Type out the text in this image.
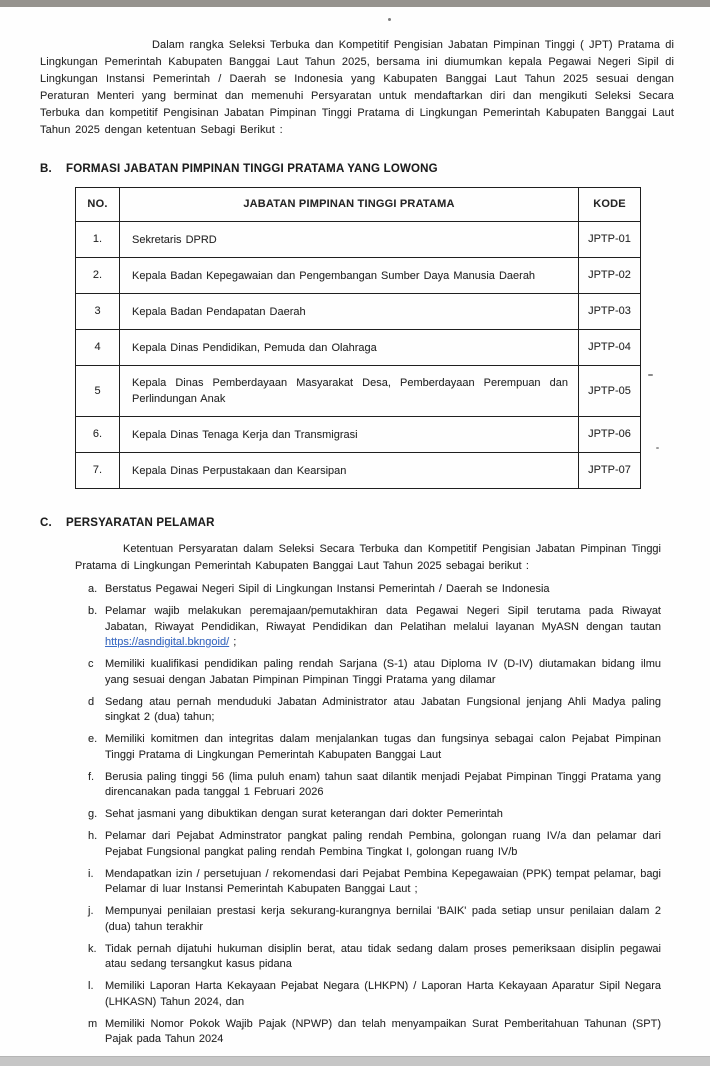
Dalam rangka Seleksi Terbuka dan Kompetitif Pengisian Jabatan Pimpinan Tinggi ( JPT) Pratama di Lingkungan Pemerintah Kabupaten Banggai Laut Tahun 2025, bersama ini diumumkan kepala Pegawai Negeri Sipil di Lingkungan Instansi Pemerintah / Daerah se Indonesia yang Kabupaten Banggai Laut Tahun 2025 sesuai dengan Peraturan Menteri yang berminat dan memenuhi Persyaratan untuk mendaftarkan diri dan mengikuti Seleksi Secara Terbuka dan kompetitif Pengisinan Jabatan Pimpinan Tinggi Pratama di Lingkungan Pemerintah Kabupaten Banggai Laut Tahun 2025 dengan ketentuan Sebagi Berikut :

B.	FORMASI JABATAN PIMPINAN TINGGI PRATAMA YANG LOWONG
NO.	JABATAN PIMPINAN TINGGI PRATAMA	KODE
1.	Sekretaris DPRD	JPTP-01
2.	Kepala Badan Kepegawaian dan Pengembangan Sumber Daya Manusia Daerah	JPTP-02
3	Kepala Badan Pendapatan Daerah	JPTP-03
4	Kepala Dinas Pendidikan, Pemuda dan Olahraga	JPTP-04
5	Kepala Dinas Pemberdayaan Masyarakat Desa, Pemberdayaan Perempuan dan Perlindungan Anak	JPTP-05
6.	Kepala Dinas Tenaga Kerja dan Transmigrasi	JPTP-06
7.	Kepala Dinas Perpustakaan dan Kearsipan	JPTP-07
C.	PERSYARATAN PELAMAR

Ketentuan Persyaratan dalam Seleksi Secara Terbuka dan Kompetitif Pengisian Jabatan Pimpinan Tinggi Pratama di Lingkungan Pemerintah Kabupaten Banggai Laut Tahun 2025 sebagai berikut :

a. Berstatus Pegawai Negeri Sipil di Lingkungan Instansi Pemerintah / Daerah se Indonesia
b. Pelamar wajib melakukan peremajaan/pemutakhiran data Pegawai Negeri Sipil terutama pada Riwayat Jabatan, Riwayat Pendidikan, Riwayat Pendidikan dan Pelatihan melalui layanan MyASN dengan tautan https://asndigital.bkngoid/ ;
c	Memiliki kualifikasi pendidikan paling rendah Sarjana (S-1) atau Diploma IV (D-IV) diutamakan bidang ilmu yang sesuai dengan Jabatan Pimpinan Pimpinan Tinggi Pratama yang dilamar
d Sedang atau pernah menduduki Jabatan Administrator atau Jabatan Fungsional jenjang Ahli Madya paling singkat 2 (dua) tahun;
e. Memiliki komitmen dan integritas dalam menjalankan tugas dan fungsinya sebagai calon Pejabat Pimpinan Tinggi Pratama di Lingkungan Pemerintah Kabupaten Banggai Laut
f. Berusia paling tinggi 56 (lima puluh enam) tahun saat dilantik menjadi Pejabat Pimpinan Tinggi Pratama yang direncanakan pada tanggal 1 Februari 2026
g. Sehat jasmani yang dibuktikan dengan surat keterangan dari dokter Pemerintah
h. Pelamar dari Pejabat Adminstrator pangkat paling rendah Pembina, golongan ruang IV/a dan pelamar dari Pejabat Fungsional pangkat paling rendah Pembina Tingkat I, golongan ruang IV/b
i.	Mendapatkan izin / persetujuan / rekomendasi dari Pejabat Pembina Kepegawaian (PPK) tempat pelamar, bagi Pelamar di luar Instansi Pemerintah Kabupaten Banggai Laut ;
j.	Mempunyai penilaian prestasi kerja sekurang-kurangnya bernilai 'BAIK' pada setiap unsur penilaian dalam 2 (dua) tahun terakhir
k. Tidak pernah dijatuhi hukuman disiplin berat, atau tidak sedang dalam proses pemeriksaan disiplin pegawai atau sedang tersangkut kasus pidana
l.	Memiliki Laporan Harta Kekayaan Pejabat Negara (LHKPN) / Laporan Harta Kekayaan Aparatur Sipil Negara (LHKASN) Tahun 2024, dan
m Memiliki Nomor Pokok Wajib Pajak (NPWP) dan telah menyampaikan Surat Pemberitahuan Tahunan (SPT) Pajak pada Tahun 2024
